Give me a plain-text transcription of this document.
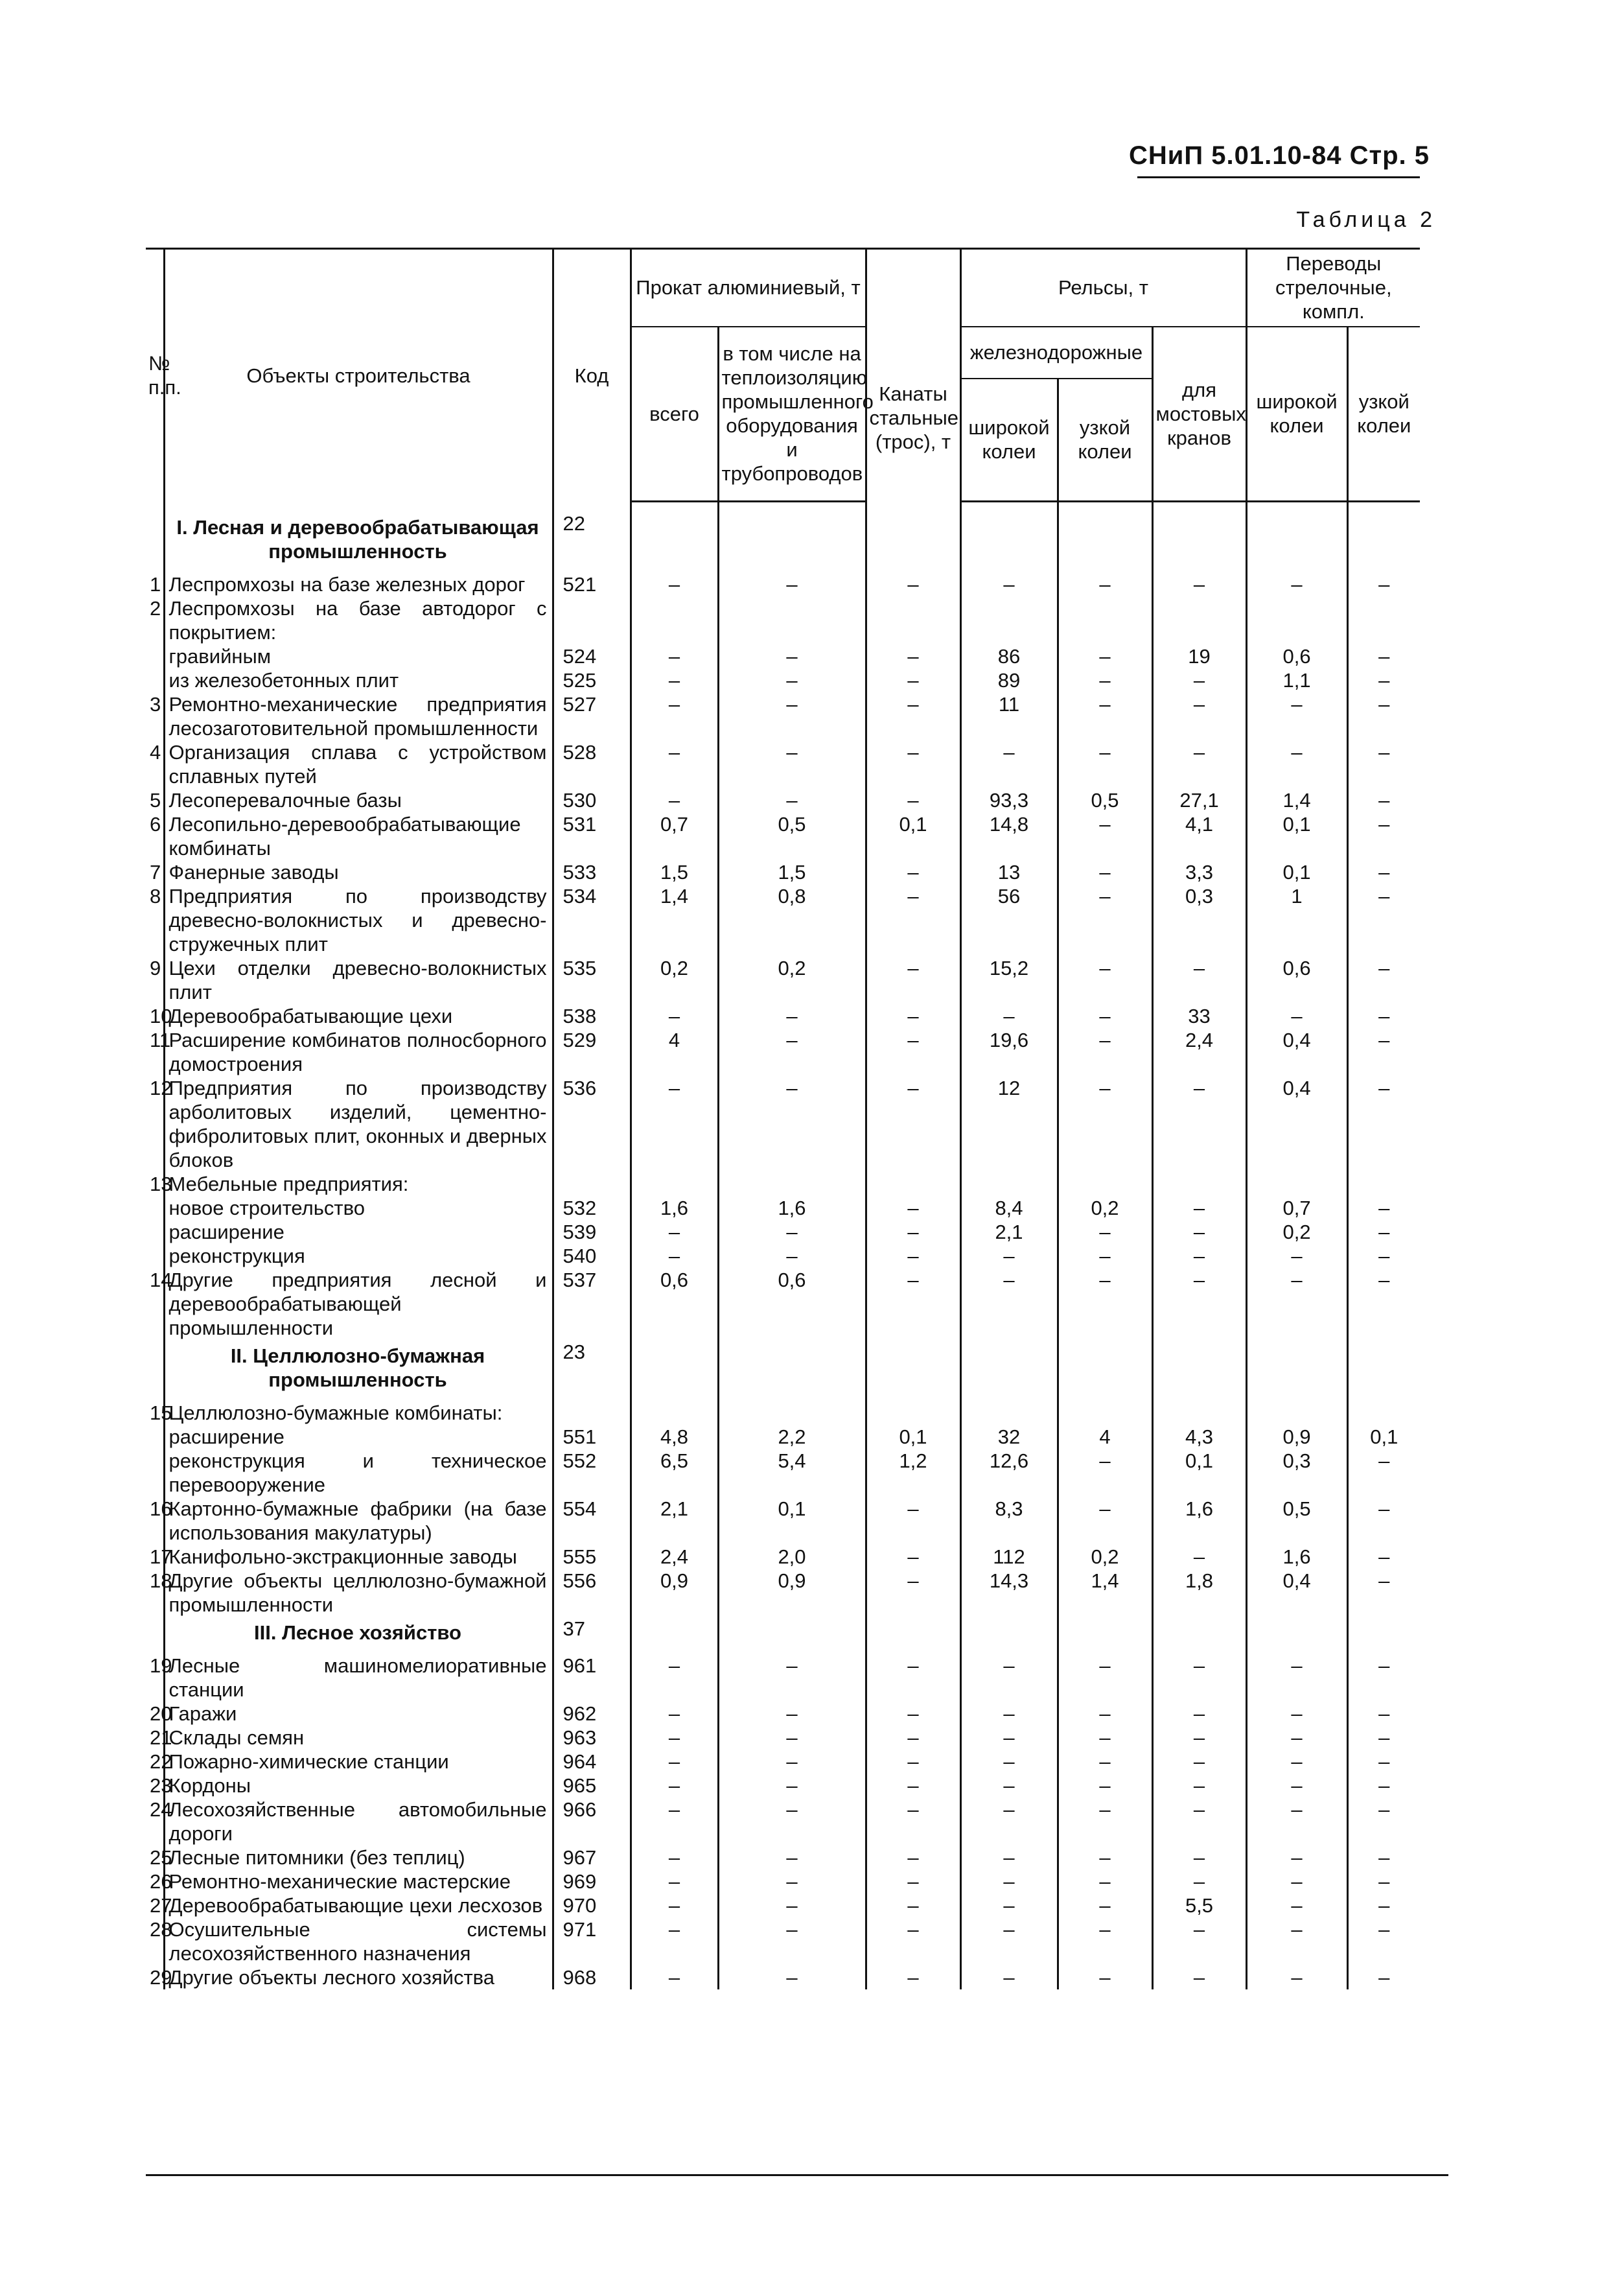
СНиП 5.01.10-84 Стр. 5
Таблица 2
№ п.п.	Объекты строительства	Код	Прокат алюминиевый, т		Канаты стальные (трос), т	Рельсы, т			Переводы стрелочные, компл.	
			всего	в том числе на теплоизоляцию промышленного оборудования и трубопроводов		железнодорожные		для мостовых кранов	широкой колеи	узкой колеи
						широкой колеи	узкой колеи			

	I. Лесная и деревообрабатывающая промышленность	22								
1	Леспромхозы на базе железных дорог	521	–	–	–	–	–	–	–	–
2	Леспромхозы на базе автодорог с покрытием:									
	гравийным	524	–	–	–	86	–	19	0,6	–
	из железобетонных плит	525	–	–	–	89	–	–	1,1	–
3	Ремонтно-механические предприятия лесозаготовительной промышленности	527	–	–	–	11	–	–	–	–
4	Организация сплава с устройством сплавных путей	528	–	–	–	–	–	–	–	–
5	Лесоперевалочные базы	530	–	–	–	93,3	0,5	27,1	1,4	–
6	Лесопильно-деревообрабатывающие комбинаты	531	0,7	0,5	0,1	14,8	–	4,1	0,1	–
7	Фанерные заводы	533	1,5	1,5	–	13	–	3,3	0,1	–
8	Предприятия по производству древесно-волокнистых и древесно-стружечных плит	534	1,4	0,8	–	56	–	0,3	1	–
9	Цехи отделки древесно-волокнистых плит	535	0,2	0,2	–	15,2	–	–	0,6	–
10	Деревообрабатывающие цехи	538	–	–	–	–	–	33	–	–
11	Расширение комбинатов полносборного домостроения	529	4	–	–	19,6	–	2,4	0,4	–
12	Предприятия по производству арболитовых изделий, цементно-фибролитовых плит, оконных и дверных блоков	536	–	–	–	12	–	–	0,4	–
13	Мебельные предприятия:									
	новое строительство	532	1,6	1,6	–	8,4	0,2	–	0,7	–
	расширение	539	–	–	–	2,1	–	–	0,2	–
	реконструкция	540	–	–	–	–	–	–	–	–
14	Другие предприятия лесной и деревообрабатывающей промышленности	537	0,6	0,6	–	–	–	–	–	–
	II. Целлюлозно-бумажная промышленность	23								
15	Целлюлозно-бумажные комбинаты:									
	расширение	551	4,8	2,2	0,1	32	4	4,3	0,9	0,1
	реконструкция и техническое перевооружение	552	6,5	5,4	1,2	12,6	–	0,1	0,3	–
16	Картонно-бумажные фабрики (на базе использования макулатуры)	554	2,1	0,1	–	8,3	–	1,6	0,5	–
17	Канифольно-экстракционные заводы	555	2,4	2,0	–	112	0,2	–	1,6	–
18	Другие объекты целлюлозно-бумажной промышленности	556	0,9	0,9	–	14,3	1,4	1,8	0,4	–
	III. Лесное хозяйство	37								
19	Лесные машиномелиоративные станции	961	–	–	–	–	–	–	–	–
20	Гаражи	962	–	–	–	–	–	–	–	–
21	Склады семян	963	–	–	–	–	–	–	–	–
22	Пожарно-химические станции	964	–	–	–	–	–	–	–	–
23	Кордоны	965	–	–	–	–	–	–	–	–
24	Лесохозяйственные автомобильные дороги	966	–	–	–	–	–	–	–	–
25	Лесные питомники (без теплиц)	967	–	–	–	–	–	–	–	–
26	Ремонтно-механические мастерские	969	–	–	–	–	–	–	–	–
27	Деревообрабатывающие цехи лесхозов	970	–	–	–	–	–	5,5	–	–
28	Осушительные системы лесохозяйственного назначения	971	–	–	–	–	–	–	–	–
29	Другие объекты лесного хозяйства	968	–	–	–	–	–	–	–	–
